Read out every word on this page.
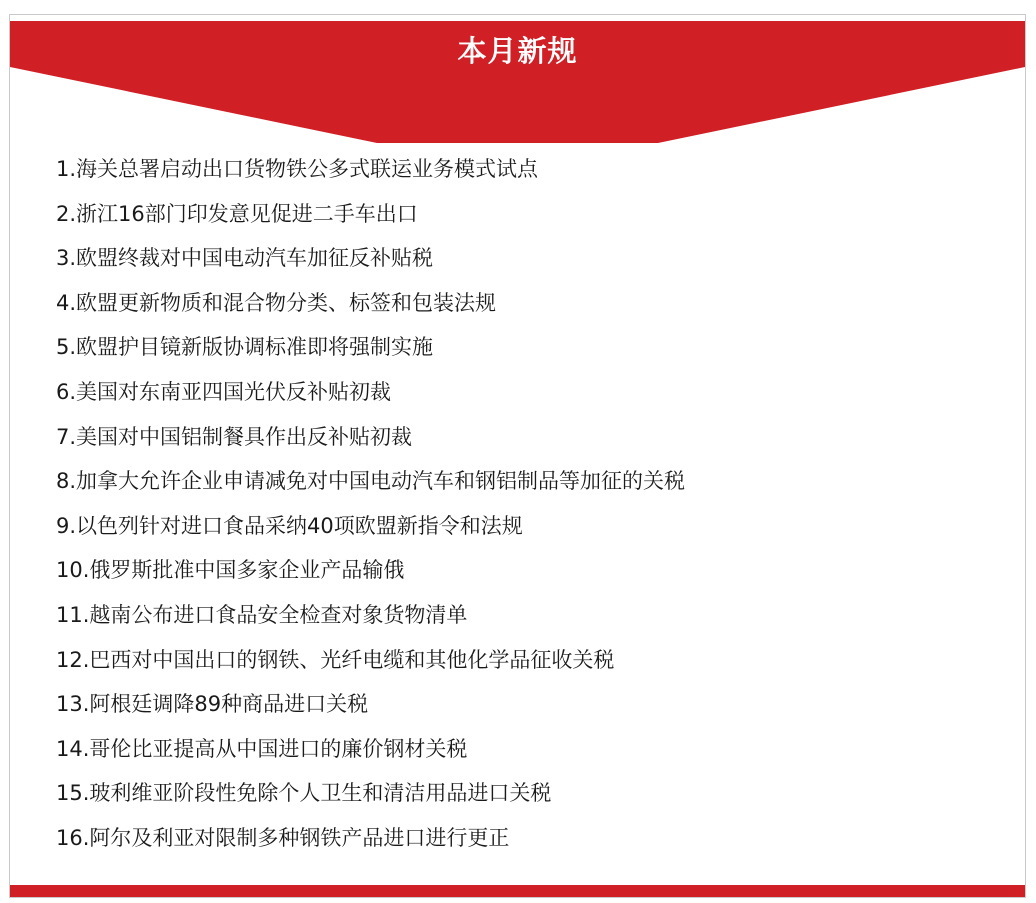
本月新规
1.海关总署启动出口货物铁公多式联运业务模式试点
2.浙江16部门印发意见促进二手车出口
3.欧盟终裁对中国电动汽车加征反补贴税
4.欧盟更新物质和混合物分类、标签和包装法规
5.欧盟护目镜新版协调标准即将强制实施
6.美国对东南亚四国光伏反补贴初裁
7.美国对中国铝制餐具作出反补贴初裁
8.加拿大允许企业申请减免对中国电动汽车和钢铝制品等加征的关税
9.以色列针对进口食品采纳40项欧盟新指令和法规
10.俄罗斯批准中国多家企业产品输俄
11.越南公布进口食品安全检查对象货物清单
12.巴西对中国出口的钢铁、光纤电缆和其他化学品征收关税
13.阿根廷调降89种商品进口关税
14.哥伦比亚提高从中国进口的廉价钢材关税
15.玻利维亚阶段性免除个人卫生和清洁用品进口关税
16.阿尔及利亚对限制多种钢铁产品进口进行更正
